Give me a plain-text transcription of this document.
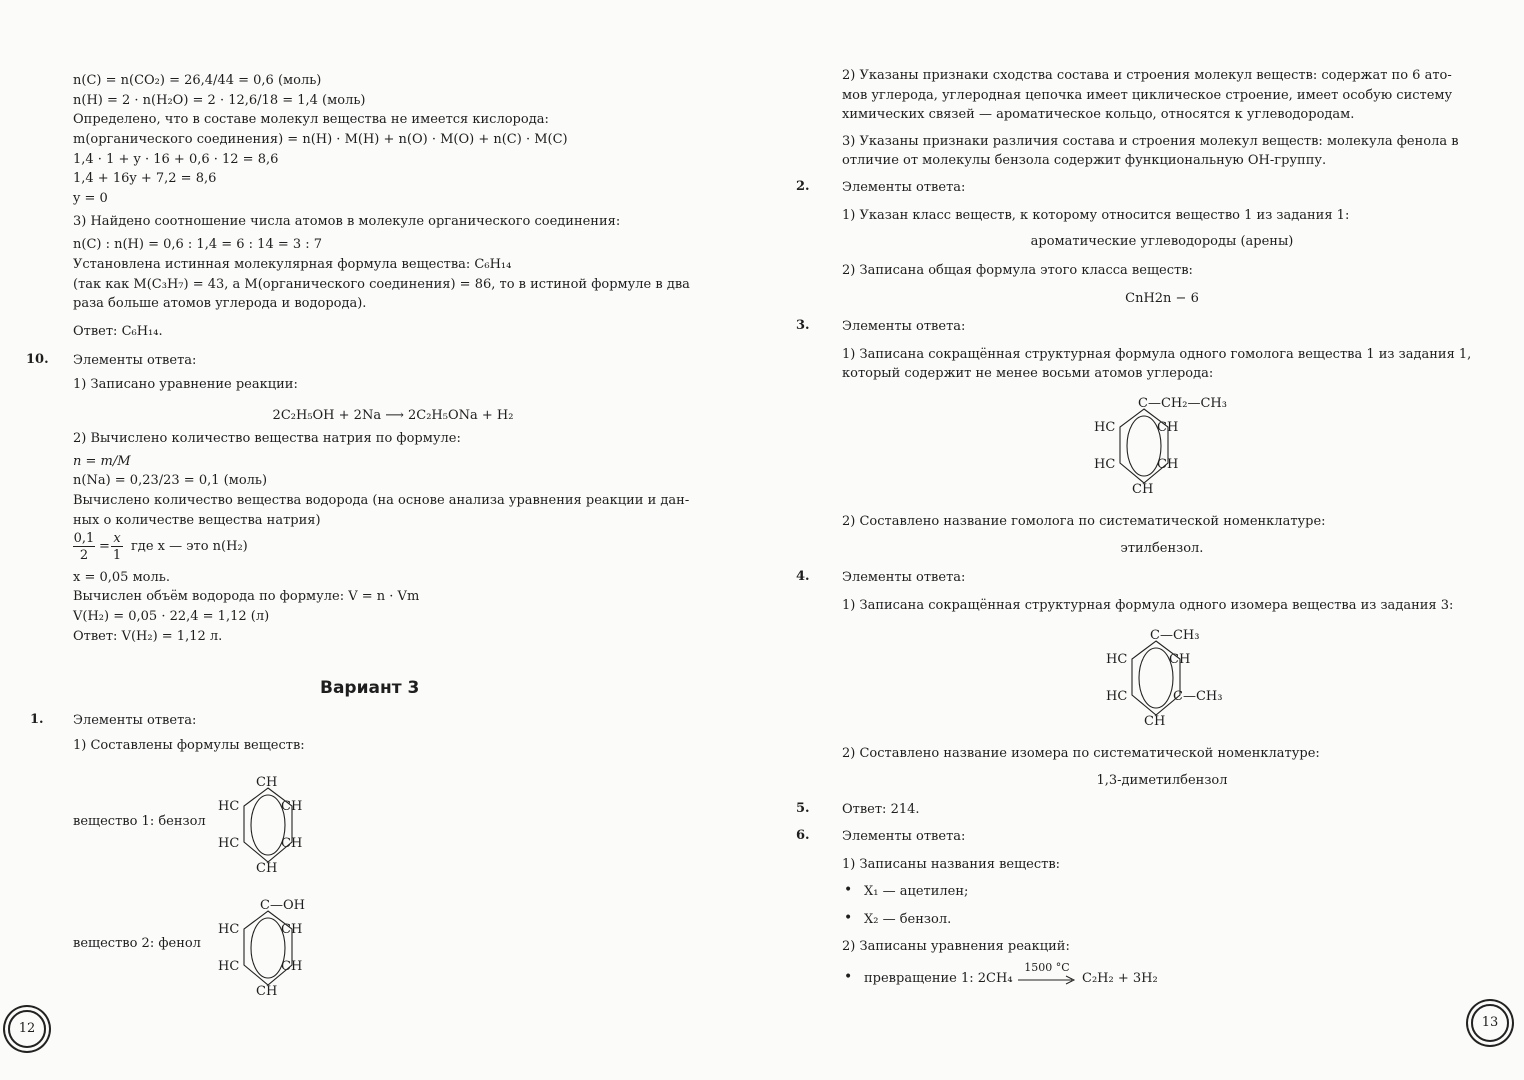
n(C) = n(CO₂) = 26,4/44 = 0,6 (моль)
n(H) = 2 · n(H₂O) = 2 · 12,6/18 = 1,4 (моль)
Определено, что в составе молекул вещества не имеется кислорода:
m(органического соединения) = n(H) · M(H) + n(O) · M(O) + n(C) · M(C)
1,4 · 1 + y · 16 + 0,6 · 12 = 8,6
1,4 + 16y + 7,2 = 8,6
y = 0
3) Найдено соотношение числа атомов в молекуле органического соединения:
n(C) : n(H) = 0,6 : 1,4 = 6 : 14 = 3 : 7
Установлена истинная молекулярная формула вещества: C₆H₁₄
(так как M(C₃H₇) = 43, а M(органического соединения) = 86, то в истиной формуле в два
раза больше атомов углерода и водорода).
Ответ: C₆H₁₄.
10. Элементы ответа:
1) Записано уравнение реакции:
2C₂H₅OH + 2Na ⟶ 2C₂H₅ONa + H₂
2) Вычислено количество вещества натрия по формуле:
n = m/M
n(Na) = 0,23/23 = 0,1 (моль)
Вычислено количество вещества водорода (на основе анализа уравнения реакции и дан-
ных о количестве вещества натрия)
0,1
2
=
x
1
где x — это n(H₂)
x = 0,05 моль.
Вычислен объём водорода по формуле: V = n · Vm
V(H₂) = 0,05 · 22,4 = 1,12 (л)
Ответ: V(H₂) = 1,12 л.
Вариант 3
1. Элементы ответа:
1) Составлены формулы веществ:
вещество 1: бензол
вещество 2: фенол
CH
HC	CH
HC	CH
CH
C—OH
HC	CH
HC	CH
CH
12
2) Указаны признаки сходства состава и строения молекул веществ: содержат по 6 ато-
мов углерода, углеродная цепочка имеет циклическое строение, имеет особую систему
химических связей — ароматическое кольцо, относятся к углеводородам.
3) Указаны признаки различия состава и строения молекул веществ: молекула фенола в
отличие от молекулы бензола содержит функциональную OH-группу.
2. Элементы ответа:
1) Указан класс веществ, к которому относится вещество 1 из задания 1:
ароматические углеводороды (арены)
2) Записана общая формула этого класса веществ:
CnH2n − 6
3. Элементы ответа:
1) Записана сокращённая структурная формула одного гомолога вещества 1 из задания 1,
который содержит не менее восьми атомов углерода:
C—CH₂—CH₃
HC	CH
HC	CH
CH
2) Составлено название гомолога по систематической номенклатуре:
этилбензол.
4. Элементы ответа:
1) Записана сокращённая структурная формула одного изомера вещества из задания 3:
C—CH₃
HC	CH
HC	C—CH₃
CH
2) Составлено название изомера по систематической номенклатуре:
1,3-диметилбензол
5. Ответ: 214.
6. Элементы ответа:
1) Записаны названия веществ:
• X₁ — ацетилен;
• X₂ — бензол.
2) Записаны уравнения реакций:
• превращение 1: 2CH₄
1500 °C
C₂H₂ + 3H₂
13
